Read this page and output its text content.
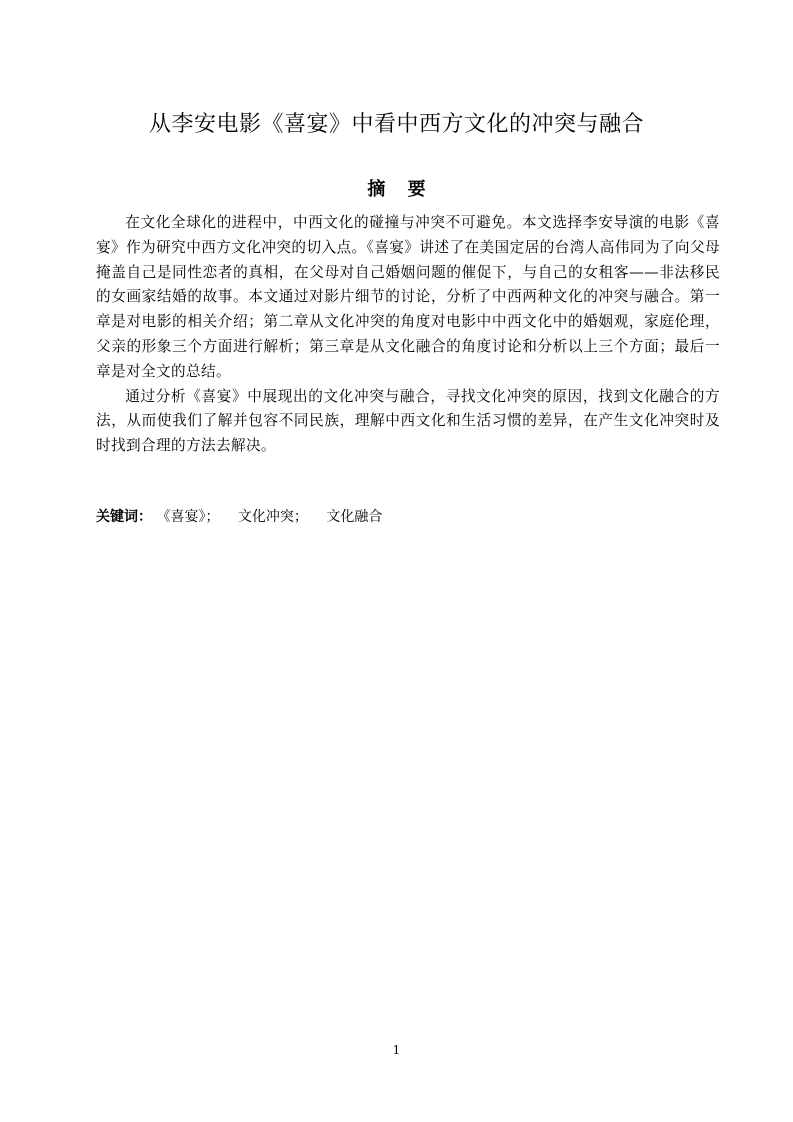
从李安电影《喜宴》中看中西方文化的冲突与融合
摘 要

在文化全球化的进程中，中西文化的碰撞与冲突不可避免。本文选择李安导演的电影《喜宴》作为研究中西方文化冲突的切入点。《喜宴》讲述了在美国定居的台湾人高伟同为了向父母掩盖自己是同性恋者的真相，在父母对自己婚姻问题的催促下，与自己的女租客——非法移民的女画家结婚的故事。本文通过对影片细节的讨论，分析了中西两种文化的冲突与融合。第一章是对电影的相关介绍；第二章从文化冲突的角度对电影中中西文化中的婚姻观，家庭伦理，父亲的形象三个方面进行解析；第三章是从文化融合的角度讨论和分析以上三个方面；最后一章是对全文的总结。

通过分析《喜宴》中展现出的文化冲突与融合，寻找文化冲突的原因，找到文化融合的方法，从而使我们了解并包容不同民族，理解中西文化和生活习惯的差异，在产生文化冲突时及时找到合理的方法去解决。

关键词： 《喜宴》； 文化冲突； 文化融合
1
